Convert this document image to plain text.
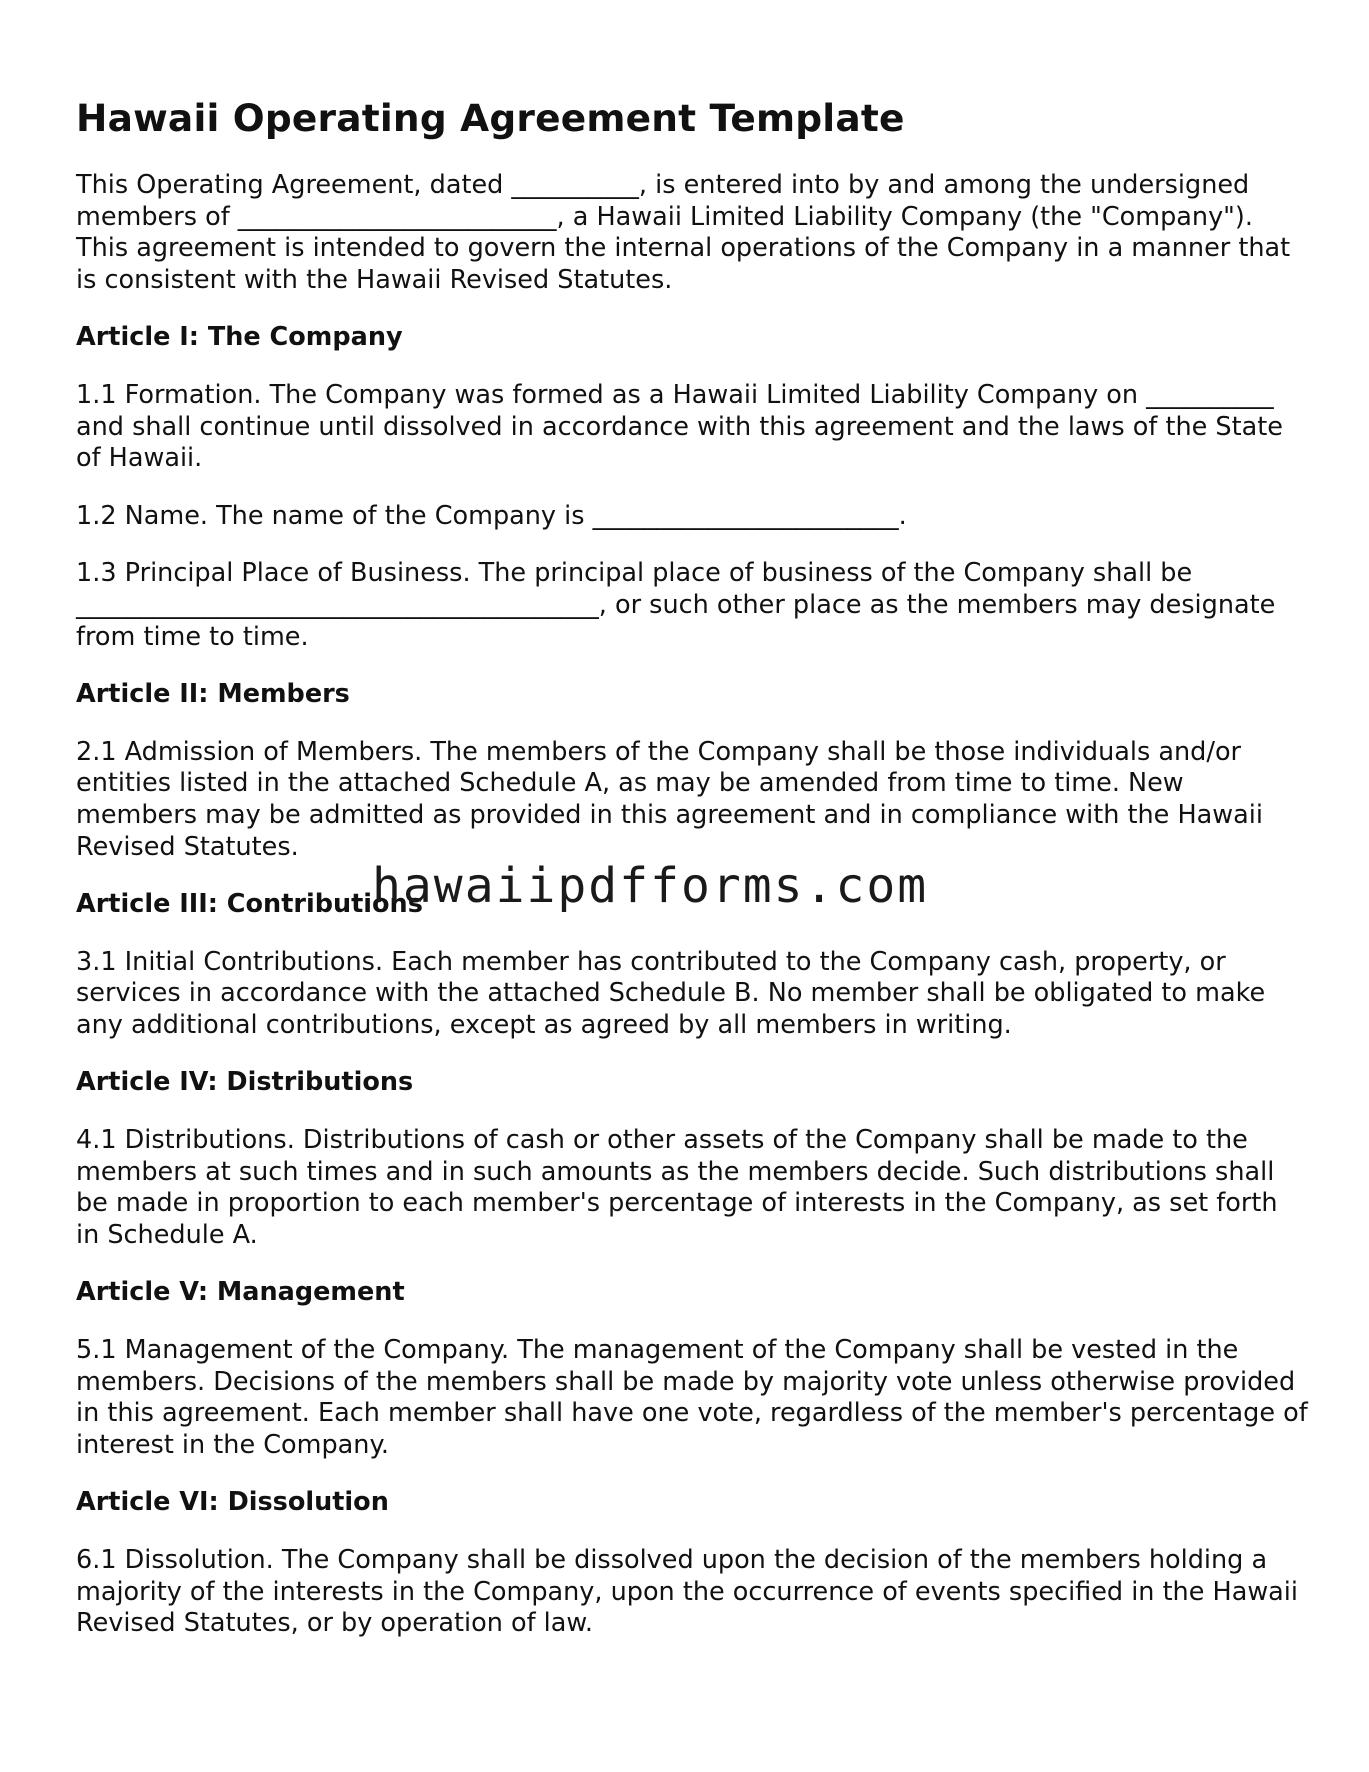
Hawaii Operating Agreement Template

This Operating Agreement, dated __________, is entered into by and among the undersigned members of _________________________, a Hawaii Limited Liability Company (the "Company"). This agreement is intended to govern the internal operations of the Company in a manner that is consistent with the Hawaii Revised Statutes.

Article I: The Company

1.1 Formation. The Company was formed as a Hawaii Limited Liability Company on __________ and shall continue until dissolved in accordance with this agreement and the laws of the State of Hawaii.

1.2 Name. The name of the Company is ________________________.

1.3 Principal Place of Business. The principal place of business of the Company shall be _________________________________________, or such other place as the members may designate from time to time.

Article II: Members

2.1 Admission of Members. The members of the Company shall be those individuals and/or entities listed in the attached Schedule A, as may be amended from time to time. New members may be admitted as provided in this agreement and in compliance with the Hawaii Revised Statutes.

Article III: Contributions

3.1 Initial Contributions. Each member has contributed to the Company cash, property, or services in accordance with the attached Schedule B. No member shall be obligated to make any additional contributions, except as agreed by all members in writing.

Article IV: Distributions

4.1 Distributions. Distributions of cash or other assets of the Company shall be made to the members at such times and in such amounts as the members decide. Such distributions shall be made in proportion to each member's percentage of interests in the Company, as set forth in Schedule A.

Article V: Management

5.1 Management of the Company. The management of the Company shall be vested in the members. Decisions of the members shall be made by majority vote unless otherwise provided in this agreement. Each member shall have one vote, regardless of the member's percentage of interest in the Company.

Article VI: Dissolution

6.1 Dissolution. The Company shall be dissolved upon the decision of the members holding a majority of the interests in the Company, upon the occurrence of events specified in the Hawaii Revised Statutes, or by operation of law.

hawaiipdfforms.com
